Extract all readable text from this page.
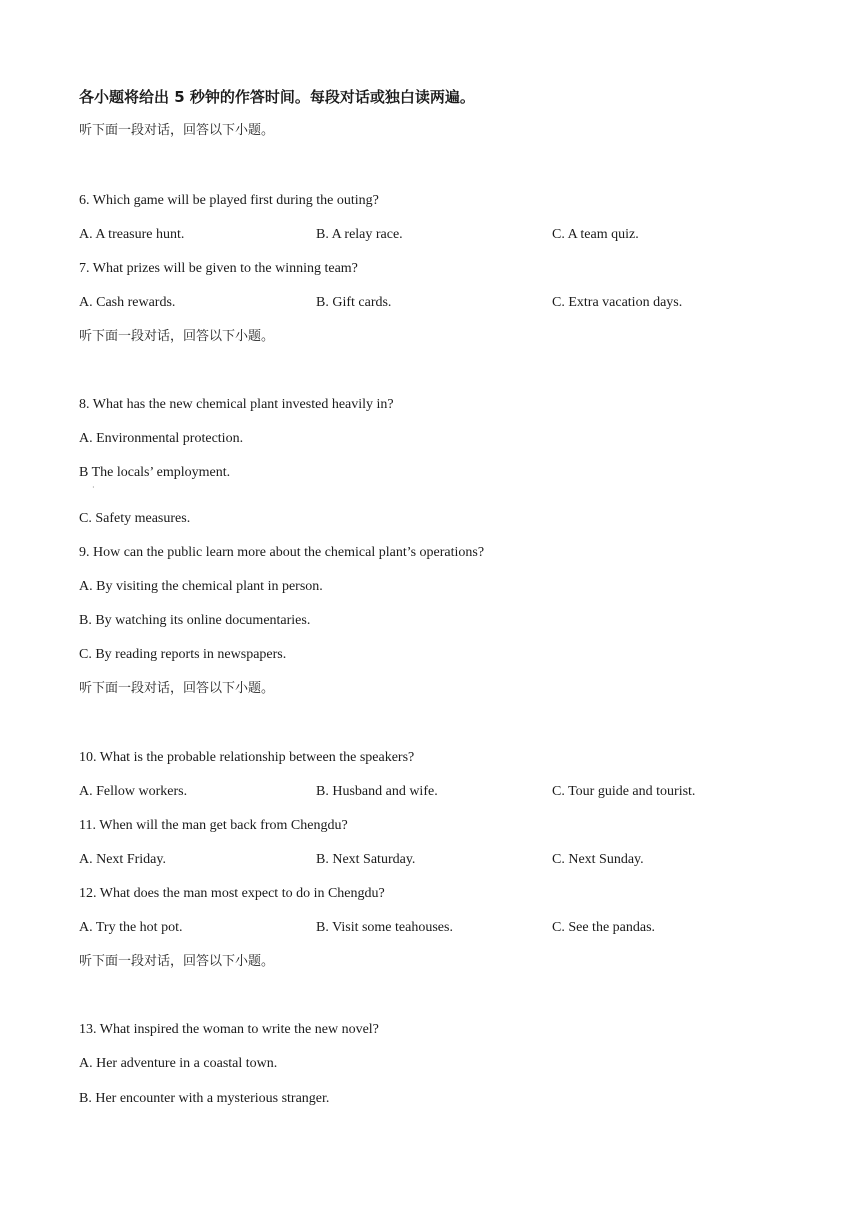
各小题将给出 5 秒钟的作答时间。每段对话或独白读两遍。
听下面一段对话，回答以下小题。
6. Which game will be played first during the outing?
A. A treasure hunt.	B. A relay race.	C. A team quiz.
7. What prizes will be given to the winning team?
A. Cash rewards.	B. Gift cards.	C. Extra vacation days.
听下面一段对话，回答以下小题。
8. What has the new chemical plant invested heavily in?
A. Environmental protection.
B The locals’ employment.
·
C. Safety measures.
9. How can the public learn more about the chemical plant’s operations?
A. By visiting the chemical plant in person.
B. By watching its online documentaries.
C. By reading reports in newspapers.
听下面一段对话，回答以下小题。
10. What is the probable relationship between the speakers?
A. Fellow workers.	B. Husband and wife.	C. Tour guide and tourist.
11. When will the man get back from Chengdu?
A. Next Friday.	B. Next Saturday.	C. Next Sunday.
12. What does the man most expect to do in Chengdu?
A. Try the hot pot.	B. Visit some teahouses.	C. See the pandas.
听下面一段对话，回答以下小题。
13. What inspired the woman to write the new novel?
A. Her adventure in a coastal town.
B. Her encounter with a mysterious stranger.
